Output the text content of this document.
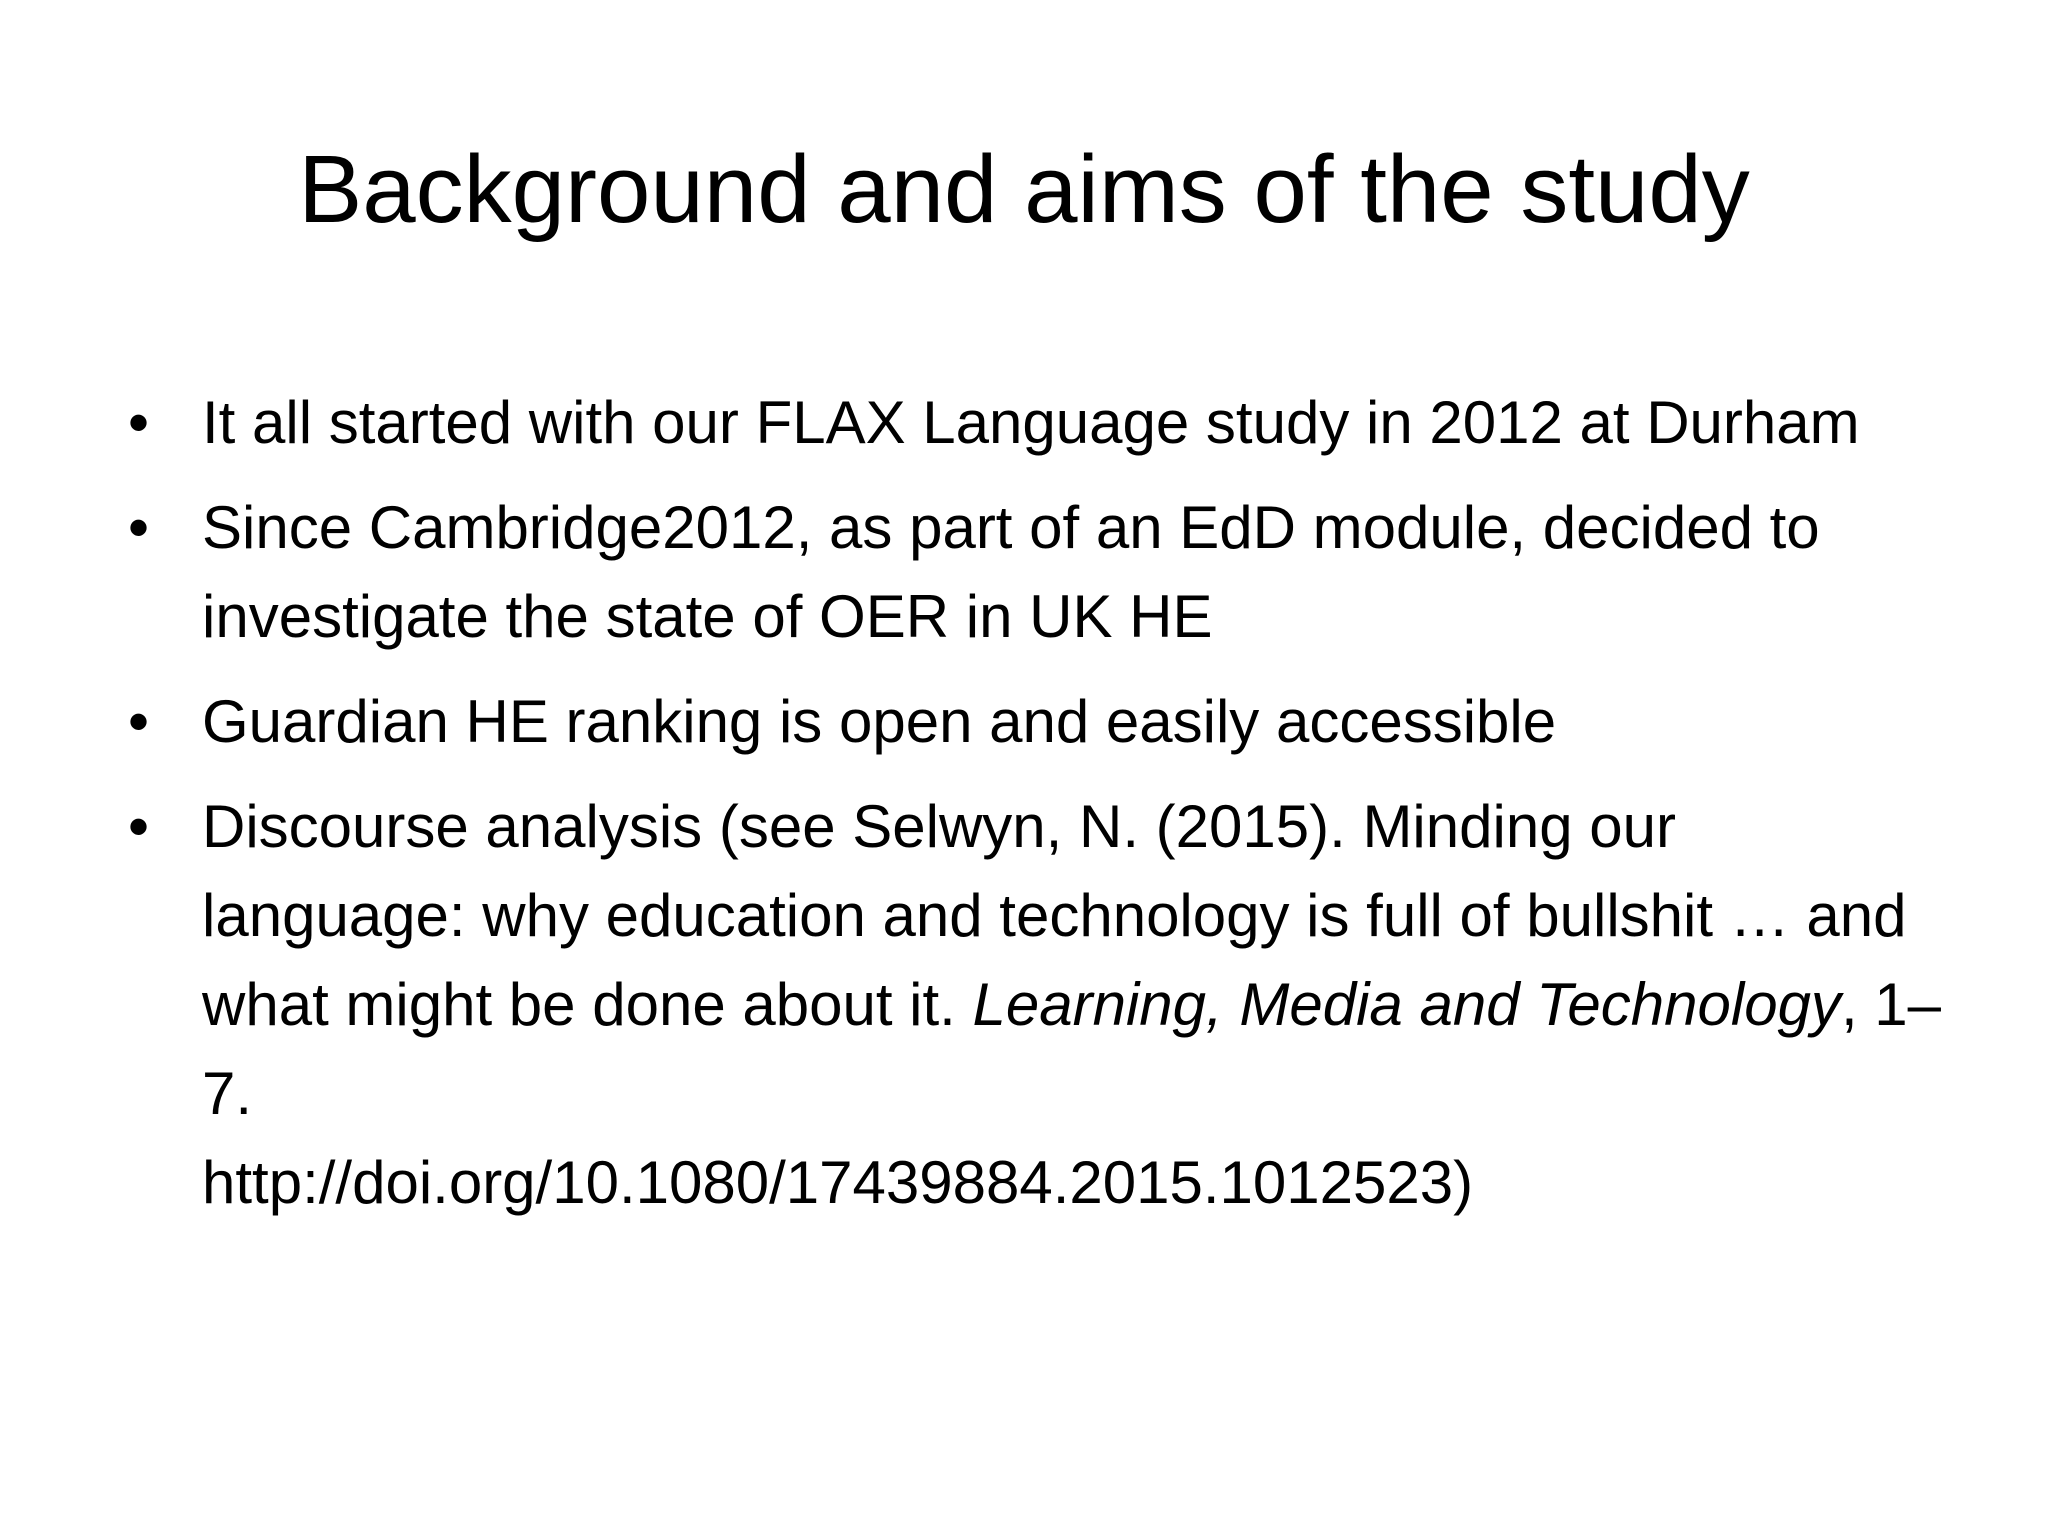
Background and aims of the study
• It all started with our FLAX Language study in 2012 at Durham
• Since Cambridge2012, as part of an EdD module, decided to investigate the state of OER in UK HE
• Guardian HE ranking is open and easily accessible
• Discourse analysis (see Selwyn, N. (2015). Minding our language: why education and technology is full of bullshit … and what might be done about it. Learning, Media and Technology, 1–7.
http://doi.org/10.1080/17439884.2015.1012523)
